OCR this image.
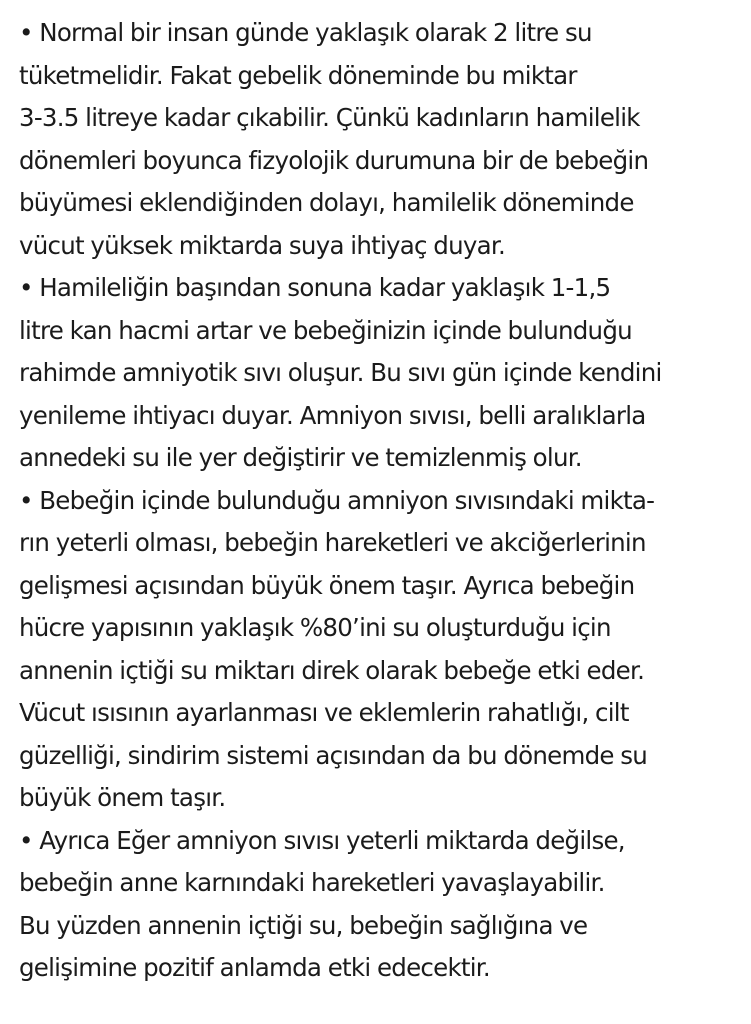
• Normal bir insan günde yaklaşık olarak 2 litre su

tüketmelidir. Fakat gebelik döneminde bu miktar

3-3.5 litreye kadar çıkabilir. Çünkü kadınların hamilelik

dönemleri boyunca fizyolojik durumuna bir de bebeğin

büyümesi eklendiğinden dolayı, hamilelik döneminde

vücut yüksek miktarda suya ihtiyaç duyar.

• Hamileliğin başından sonuna kadar yaklaşık 1-1,5

litre kan hacmi artar ve bebeğinizin içinde bulunduğu

rahimde amniyotik sıvı oluşur. Bu sıvı gün içinde kendini

yenileme ihtiyacı duyar. Amniyon sıvısı, belli aralıklarla

annedeki su ile yer değiştirir ve temizlenmiş olur.

• Bebeğin içinde bulunduğu amniyon sıvısındaki mikta-

rın yeterli olması, bebeğin hareketleri ve akciğerlerinin

gelişmesi açısından büyük önem taşır. Ayrıca bebeğin

hücre yapısının yaklaşık %80’ini su oluşturduğu için

annenin içtiği su miktarı direk olarak bebeğe etki eder.

Vücut ısısının ayarlanması ve eklemlerin rahatlığı, cilt

güzelliği, sindirim sistemi açısından da bu dönemde su

büyük önem taşır.

• Ayrıca Eğer amniyon sıvısı yeterli miktarda değilse,

bebeğin anne karnındaki hareketleri yavaşlayabilir.

Bu yüzden annenin içtiği su, bebeğin sağlığına ve

gelişimine pozitif anlamda etki edecektir.
